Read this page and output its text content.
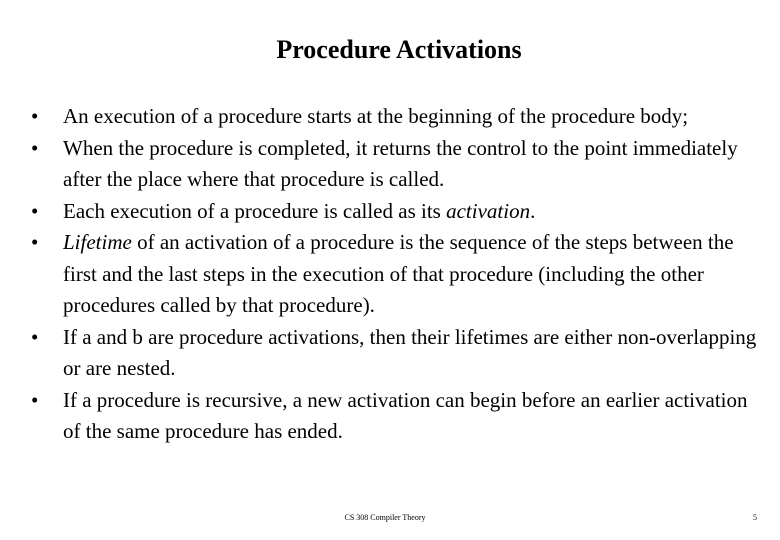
Procedure Activations
•	An execution of a procedure starts at the beginning of the procedure body;
•	When the procedure is completed, it returns the control to the point immediately after the place where that procedure is called.
•	Each execution of a procedure is called as its activation.
•	Lifetime of an activation of a procedure is the sequence of the steps between the first and the last steps in the execution of that procedure (including the other procedures called by that procedure).
•	If a and b are procedure activations, then their lifetimes are either non-overlapping or are nested.
•	If a procedure is recursive, a new activation can begin before an earlier activation of the same procedure has ended.
CS 308 Compiler Theory	5
